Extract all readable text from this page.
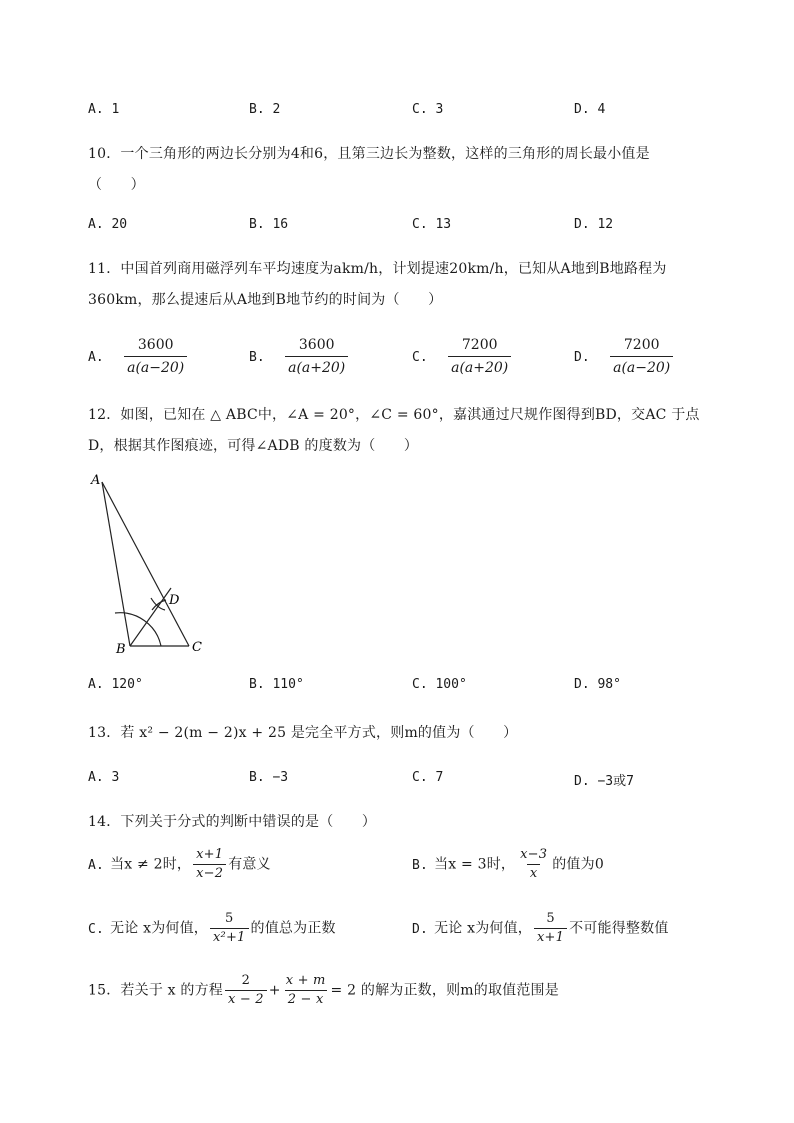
A. 1	B. 2	C. 3	D. 4
10．一个三角形的两边长分别为4和6，且第三边长为整数，这样的三角形的周长最小值是
（　　）
A. 20	B. 16	C. 13	D. 12
11．中国首列商用磁浮列车平均速度为akm/h，计划提速20km/h，已知从A地到B地路程为
360km，那么提速后从A地到B地节约的时间为（　　）
A. $\frac{3600}{a(a-20)}$	B. $\frac{3600}{a(a+20)}$	C. $\frac{7200}{a(a+20)}$	D. $\frac{7200}{a(a-20)}$
12．如图，已知在 △ ABC中，∠A = 20°，∠C = 60°，嘉淇通过尺规作图得到BD，交AC 于点
D，根据其作图痕迹，可得∠ADB 的度数为（　　）
A
B	C
D
A. 120°	B. 110°	C. 100°	D. 98°
13．若 x² − 2(m − 2)x + 25 是完全平方式，则m的值为（　　）
A. 3	B. −3	C. 7	D. −3或7
14．下列关于分式的判断中错误的是（　　）
A. 当x ≠ 2时， $\frac{x+1}{x-2}$ 有意义	B. 当x = 3时， $\frac{x-3}{x}$ 的值为0
C. 无论 x为何值， $\frac{5}{\text{x²+1}}$ 的值总为正数	D. 无论 x为何值， $\frac{5}{x+1}$ 不可能得整数值
15．若关于 x 的方程 $\frac{2}{x - 2} + \frac{x + m}{2 - x} = 2$ 的解为正数，则m的取值范围是
